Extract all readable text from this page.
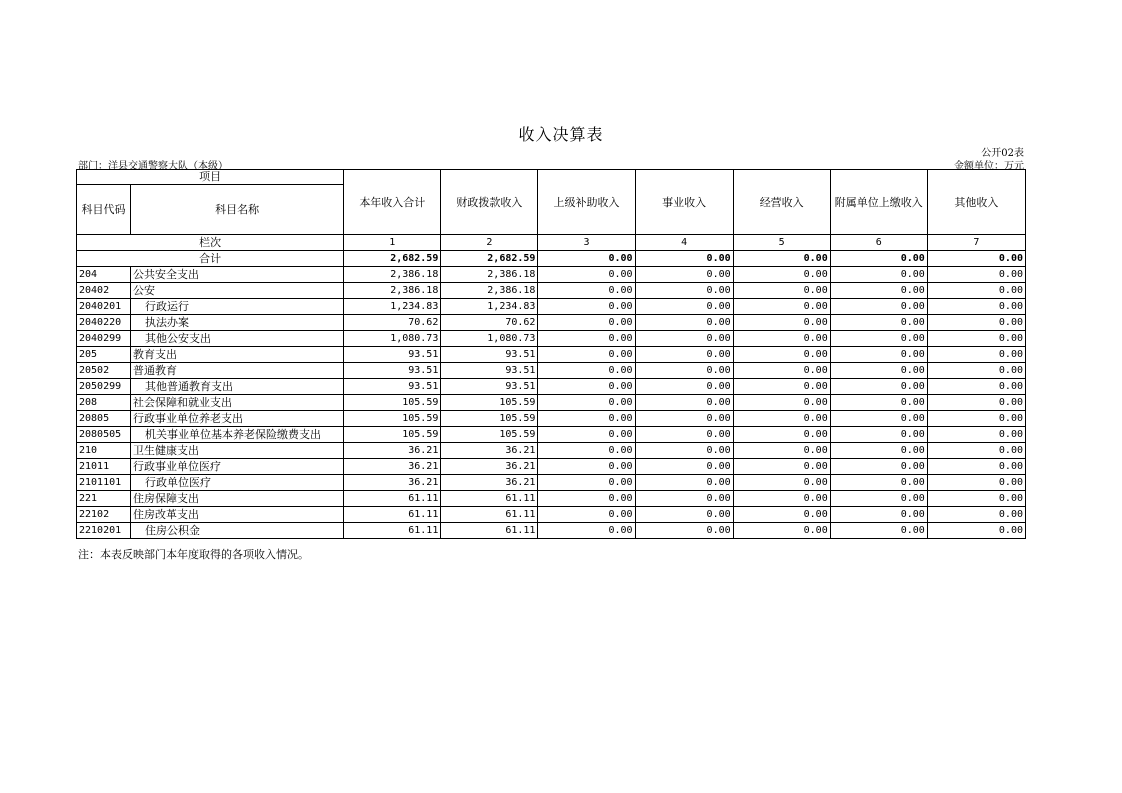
收入决算表
公开02表
部门：洋县交通警察大队（本级）	金额单位：万元
项目		本年收入合计	财政拨款收入	上级补助收入	事业收入	经营收入	附属单位上缴收入	其他收入
科目代码	科目名称							
栏次		1	2	3	4	5	6	7
合计		2,682.59	2,682.59	0.00	0.00	0.00	0.00	0.00
204	公共安全支出	2,386.18	2,386.18	0.00	0.00	0.00	0.00	0.00
20402	公安	2,386.18	2,386.18	0.00	0.00	0.00	0.00	0.00
2040201	行政运行	1,234.83	1,234.83	0.00	0.00	0.00	0.00	0.00
2040220	执法办案	70.62	70.62	0.00	0.00	0.00	0.00	0.00
2040299	其他公安支出	1,080.73	1,080.73	0.00	0.00	0.00	0.00	0.00
205	教育支出	93.51	93.51	0.00	0.00	0.00	0.00	0.00
20502	普通教育	93.51	93.51	0.00	0.00	0.00	0.00	0.00
2050299	其他普通教育支出	93.51	93.51	0.00	0.00	0.00	0.00	0.00
208	社会保障和就业支出	105.59	105.59	0.00	0.00	0.00	0.00	0.00
20805	行政事业单位养老支出	105.59	105.59	0.00	0.00	0.00	0.00	0.00
2080505	机关事业单位基本养老保险缴费支出	105.59	105.59	0.00	0.00	0.00	0.00	0.00
210	卫生健康支出	36.21	36.21	0.00	0.00	0.00	0.00	0.00
21011	行政事业单位医疗	36.21	36.21	0.00	0.00	0.00	0.00	0.00
2101101	行政单位医疗	36.21	36.21	0.00	0.00	0.00	0.00	0.00
221	住房保障支出	61.11	61.11	0.00	0.00	0.00	0.00	0.00
22102	住房改革支出	61.11	61.11	0.00	0.00	0.00	0.00	0.00
2210201	住房公积金	61.11	61.11	0.00	0.00	0.00	0.00	0.00
注：本表反映部门本年度取得的各项收入情况。
